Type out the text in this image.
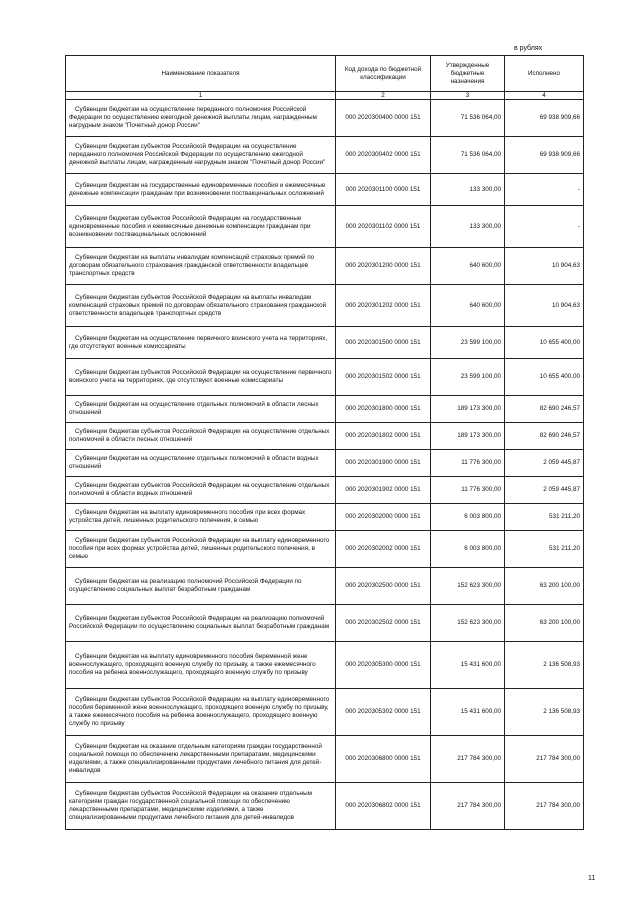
в рублях
Наименование показателя	Код дохода по бюджетной классификации	Утвержденные бюджетные назначения	Исполнено
1	2	3	4
Субвенции бюджетам на осуществление переданного полномочия Российской Федерации по осуществлению ежегодной денежной выплаты лицам, награжденным нагрудным знаком "Почетный донор России"	000 2020300400 0000 151	71 536 064,00	69 938 909,66
Субвенции бюджетам субъектов Российской Федерации на осуществление переданного полномочия Российской Федерации по осуществлению ежегодной денежной выплаты лицам, награжденным нагрудным знаком "Почетный донор России"	000 2020300402 0000 151	71 536 064,00	69 938 909,66
Субвенции бюджетам на государственные единовременные пособия и ежемесячные денежные компенсации гражданам при возникновении поствакцинальных осложнений	000 2020301100 0000 151	133 300,00	-
Субвенции бюджетам субъектов Российской Федерации на государственные единовременные пособия и ежемесячные денежные компенсации гражданам при возникновении поствакцинальных осложнений	000 2020301102 0000 151	133 300,00	-
Субвенции бюджетам на выплаты инвалидам компенсаций страховых премий по договорам обязательного страхования гражданской ответственности владельцев транспортных средств	000 2020301200 0000 151	640 600,00	10 904,63
Субвенции бюджетам субъектов Российской Федерации на выплаты инвалидам компенсаций страховых премий по договорам обязательного страхования гражданской ответственности владельцев транспортных средств	000 2020301202 0000 151	640 600,00	10 904,63
Субвенции бюджетам на осуществление первичного воинского учета на территориях, где отсутствуют военные комиссариаты	000 2020301500 0000 151	23 599 100,00	10 655 400,00
Субвенции бюджетам субъектов Российской Федерации на осуществление первичного воинского учета на территориях, где отсутствуют военные комиссариаты	000 2020301502 0000 151	23 599 100,00	10 655 400,00
Субвенции бюджетам на осуществление отдельных полномочий в области лесных отношений	000 2020301800 0000 151	189 173 300,00	82 690 246,57
Субвенции бюджетам субъектов Российской Федерации на осуществление отдельных полномочий в области лесных отношений	000 2020301802 0000 151	189 173 300,00	82 690 246,57
Субвенции бюджетам на осуществление отдельных полномочий в области водных отношений	000 2020301900 0000 151	11 776 300,00	2 059 445,87
Субвенции бюджетам субъектов Российской Федерации на осуществление отдельных полномочий в области водных отношений	000 2020301902 0000 151	11 776 300,00	2 059 445,87
Субвенции бюджетам на выплату единовременного пособия при всех формах устройства детей, лишенных родительского попечения, в семью	000 2020302000 0000 151	6 003 800,00	531 211,20
Субвенции бюджетам субъектов Российской Федерации на выплату единовременного пособия при всех формах устройства детей, лишенных родительского попечения, в семью	000 2020302002 0000 151	6 003 800,00	531 211,20
Субвенции бюджетам на реализацию полномочий Российской Федерации по осуществлению социальных выплат безработным гражданам	000 2020302500 0000 151	152 623 300,00	63 200 100,00
Субвенции бюджетам субъектов Российской Федерации на реализацию полномочий Российской Федерации по осуществлению социальных выплат безработным гражданам	000 2020302502 0000 151	152 623 300,00	63 200 100,00
Субвенции бюджетам на выплату единовременного пособия беременной жене военнослужащего, проходящего военную службу по призыву, а также ежемесячного пособия на ребенка военнослужащего, проходящего военную службу по призыву	000 2020305300 0000 151	15 431 600,00	2 136 508,93
Субвенции бюджетам субъектов Российской Федерации на выплату единовременного пособия беременной жене военнослужащего, проходящего военную службу по призыву, а также ежемесячного пособия на ребенка военнослужащего, проходящего военную службу по призыву	000 2020305302 0000 151	15 431 600,00	2 136 508,93
Субвенции бюджетам на оказание отдельным категориям граждан государственной социальной помощи по обеспечению лекарственными препаратами, медицинскими изделиями, а также специализированными продуктами лечебного питания для детей-инвалидов	000 2020306800 0000 151	217 784 300,00	217 784 300,00
Субвенции бюджетам субъектов Российской Федерации на оказание отдельным категориям граждан государственной социальной помощи по обеспечению лекарственными препаратами, медицинскими изделиями, а также специализированными продуктами лечебного питания для детей-инвалидов	000 2020306802 0000 151	217 784 300,00	217 784 300,00
11
